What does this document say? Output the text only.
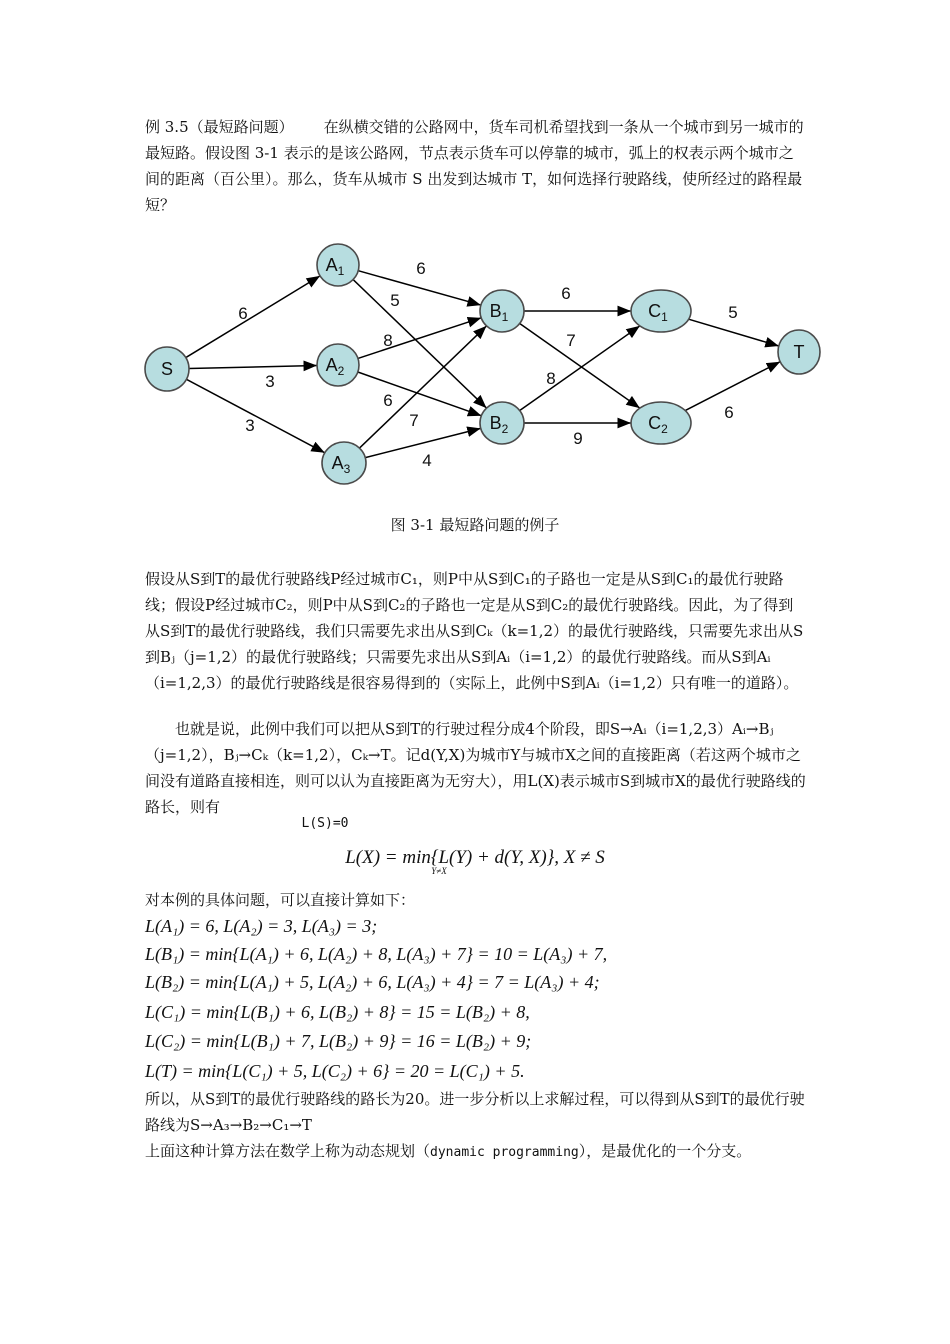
例 3.5（最短路问题）   在纵横交错的公路网中，货车司机希望找到一条从一个城市到另一城市的最短路。假设图 3-1 表示的是该公路网，节点表示货车可以停靠的城市，弧上的权表示两个城市之间的距离（百公里）。那么，货车从城市 S 出发到达城市 T，如何选择行驶路线，使所经过的路程最短？

6
3
3
6
5
8
6
7
4
6
7
8
9
5
6
S
$A_1$
$A_2$
$A_3$
$B_1$
$B_2$
$C_1$
$C_2$
T
图 3-1 最短路问题的例子

假设从S到T的最优行驶路线P经过城市C₁，则P中从S到C₁的子路也一定是从S到C₁的最优行驶路线；假设P经过城市C₂，则P中从S到C₂的子路也一定是从S到C₂的最优行驶路线。因此，为了得到从S到T的最优行驶路线，我们只需要先求出从S到Cₖ（k=1,2）的最优行驶路线，只需要先求出从S到Bⱼ（j=1,2）的最优行驶路线；只需要先求出从S到Aᵢ（i=1,2）的最优行驶路线。而从S到Aᵢ（i=1,2,3）的最优行驶路线是很容易得到的（实际上，此例中S到Aᵢ（i=1,2）只有唯一的道路）。

也就是说，此例中我们可以把从S到T的行驶过程分成4个阶段，即S→Aᵢ（i=1,2,3）Aᵢ→Bⱼ（j=1,2），Bⱼ→Cₖ（k=1,2），Cₖ→T。记d(Y,X)为城市Y与城市X之间的直接距离（若这两个城市之间没有道路直接相连，则可以认为直接距离为无穷大），用L(X)表示城市S到城市X的最优行驶路线的路长，则有

L(S)=0
L(X) = min{L(Y) + d(Y, X)}, X ≠ S
Y≠X
对本例的具体问题，可以直接计算如下：
L(A₁) = 6, L(A₂) = 3, L(A₃) = 3;
L(B₁) = min{L(A₁) + 6, L(A₂) + 8, L(A₃) + 7} = 10 = L(A₃) + 7,
L(B₂) = min{L(A₁) + 5, L(A₂) + 6, L(A₃) + 4} = 7 = L(A₃) + 4;
L(C₁) = min{L(B₁) + 6, L(B₂) + 8} = 15 = L(B₂) + 8,
L(C₂) = min{L(B₁) + 7, L(B₂) + 9} = 16 = L(B₂) + 9;
L(T) = min{L(C₁) + 5, L(C₂) + 6} = 20 = L(C₁) + 5.

所以，从S到T的最优行驶路线的路长为20。进一步分析以上求解过程，可以得到从S到T的最优行驶路线为S→A₃→B₂→C₁→T

上面这种计算方法在数学上称为动态规划（dynamic programming），是最优化的一个分支。
